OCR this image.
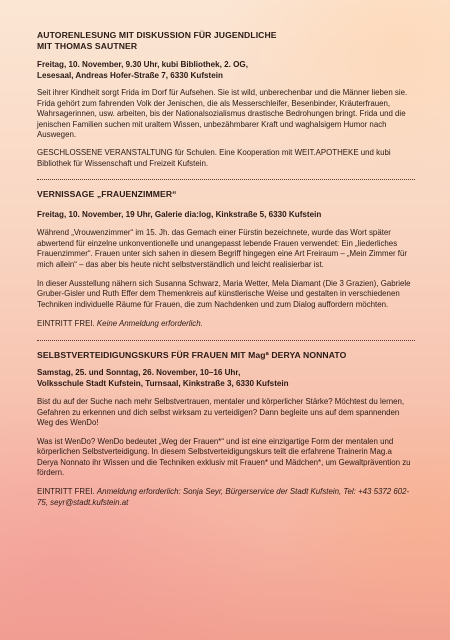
AUTORENLESUNG MIT DISKUSSION FÜR JUGENDLICHE
MIT THOMAS SAUTNER
Freitag, 10. November, 9.30 Uhr, kubi Bibliothek, 2. OG,
Lesesaal, Andreas Hofer-Straße 7, 6330 Kufstein

Seit ihrer Kindheit sorgt Frida im Dorf für Aufsehen. Sie ist wild, unberechenbar und die Männer lieben sie. Frida gehört zum fahrenden Volk der Jenischen, die als Messerschleifer, Besenbinder, Kräuterfrauen, Wahrsagerinnen, usw. arbeiten, bis der Nationalsozialismus drastische Bedrohungen bringt. Frida und die jenischen Familien suchen mit uraltem Wissen, unbezähmbarer Kraft und waghalsigem Humor nach Auswegen.

GESCHLOSSENE VERANSTALTUNG für Schulen. Eine Kooperation mit WEIT.APOTHEKE und kubi Bibliothek für Wissenschaft und Freizeit Kufstein.

VERNISSAGE „FRAUENZIMMER“
Freitag, 10. November, 19 Uhr, Galerie dia:log, Kinkstraße 5, 6330 Kufstein

Während „Vrouwenzimmer“ im 15. Jh. das Gemach einer Fürstin bezeichnete, wurde das Wort später abwertend für einzelne unkonventionelle und unangepasst lebende Frauen verwendet: Ein „liederliches Frauenzimmer“. Frauen unter sich sahen in diesem Begriff hingegen eine Art Freiraum – „Mein Zimmer für mich allein“ – das aber bis heute nicht selbstverständlich und leicht realisierbar ist.

In dieser Ausstellung nähern sich Susanna Schwarz, Maria Wetter, Mela Diamant (Die 3 Grazien), Gabriele Gruber-Gisler und Ruth Effer dem Themenkreis auf künstlerische Weise und gestalten in verschiedenen Techniken individuelle Räume für Frauen, die zum Nachdenken und zum Dialog auffordern möchten.

EINTRITT FREI. Keine Anmeldung erforderlich.

SELBSTVERTEIDIGUNGSKURS FÜR FRAUEN MIT Magª DERYA NONNATO
Samstag, 25. und Sonntag, 26. November, 10–16 Uhr,
Volksschule Stadt Kufstein, Turnsaal, Kinkstraße 3, 6330 Kufstein

Bist du auf der Suche nach mehr Selbstvertrauen, mentaler und körperlicher Stärke? Möchtest du lernen, Gefahren zu erkennen und dich selbst wirksam zu verteidigen? Dann begleite uns auf dem spannenden Weg des WenDo!

Was ist WenDo? WenDo bedeutet „Weg der Frauen*“ und ist eine einzigartige Form der mentalen und körperlichen Selbstverteidigung. In diesem Selbstverteidigungskurs teilt die erfahrene Trainerin Mag.a Derya Nonnato ihr Wissen und die Techniken exklusiv mit Frauen* und Mädchen*, um Gewaltprävention zu fördern.

EINTRITT FREI. Anmeldung erforderlich: Sonja Seyr, Bürgerservice der Stadt Kufstein, Tel: +43 5372 602-75, seyr@stadt.kufstein.at
